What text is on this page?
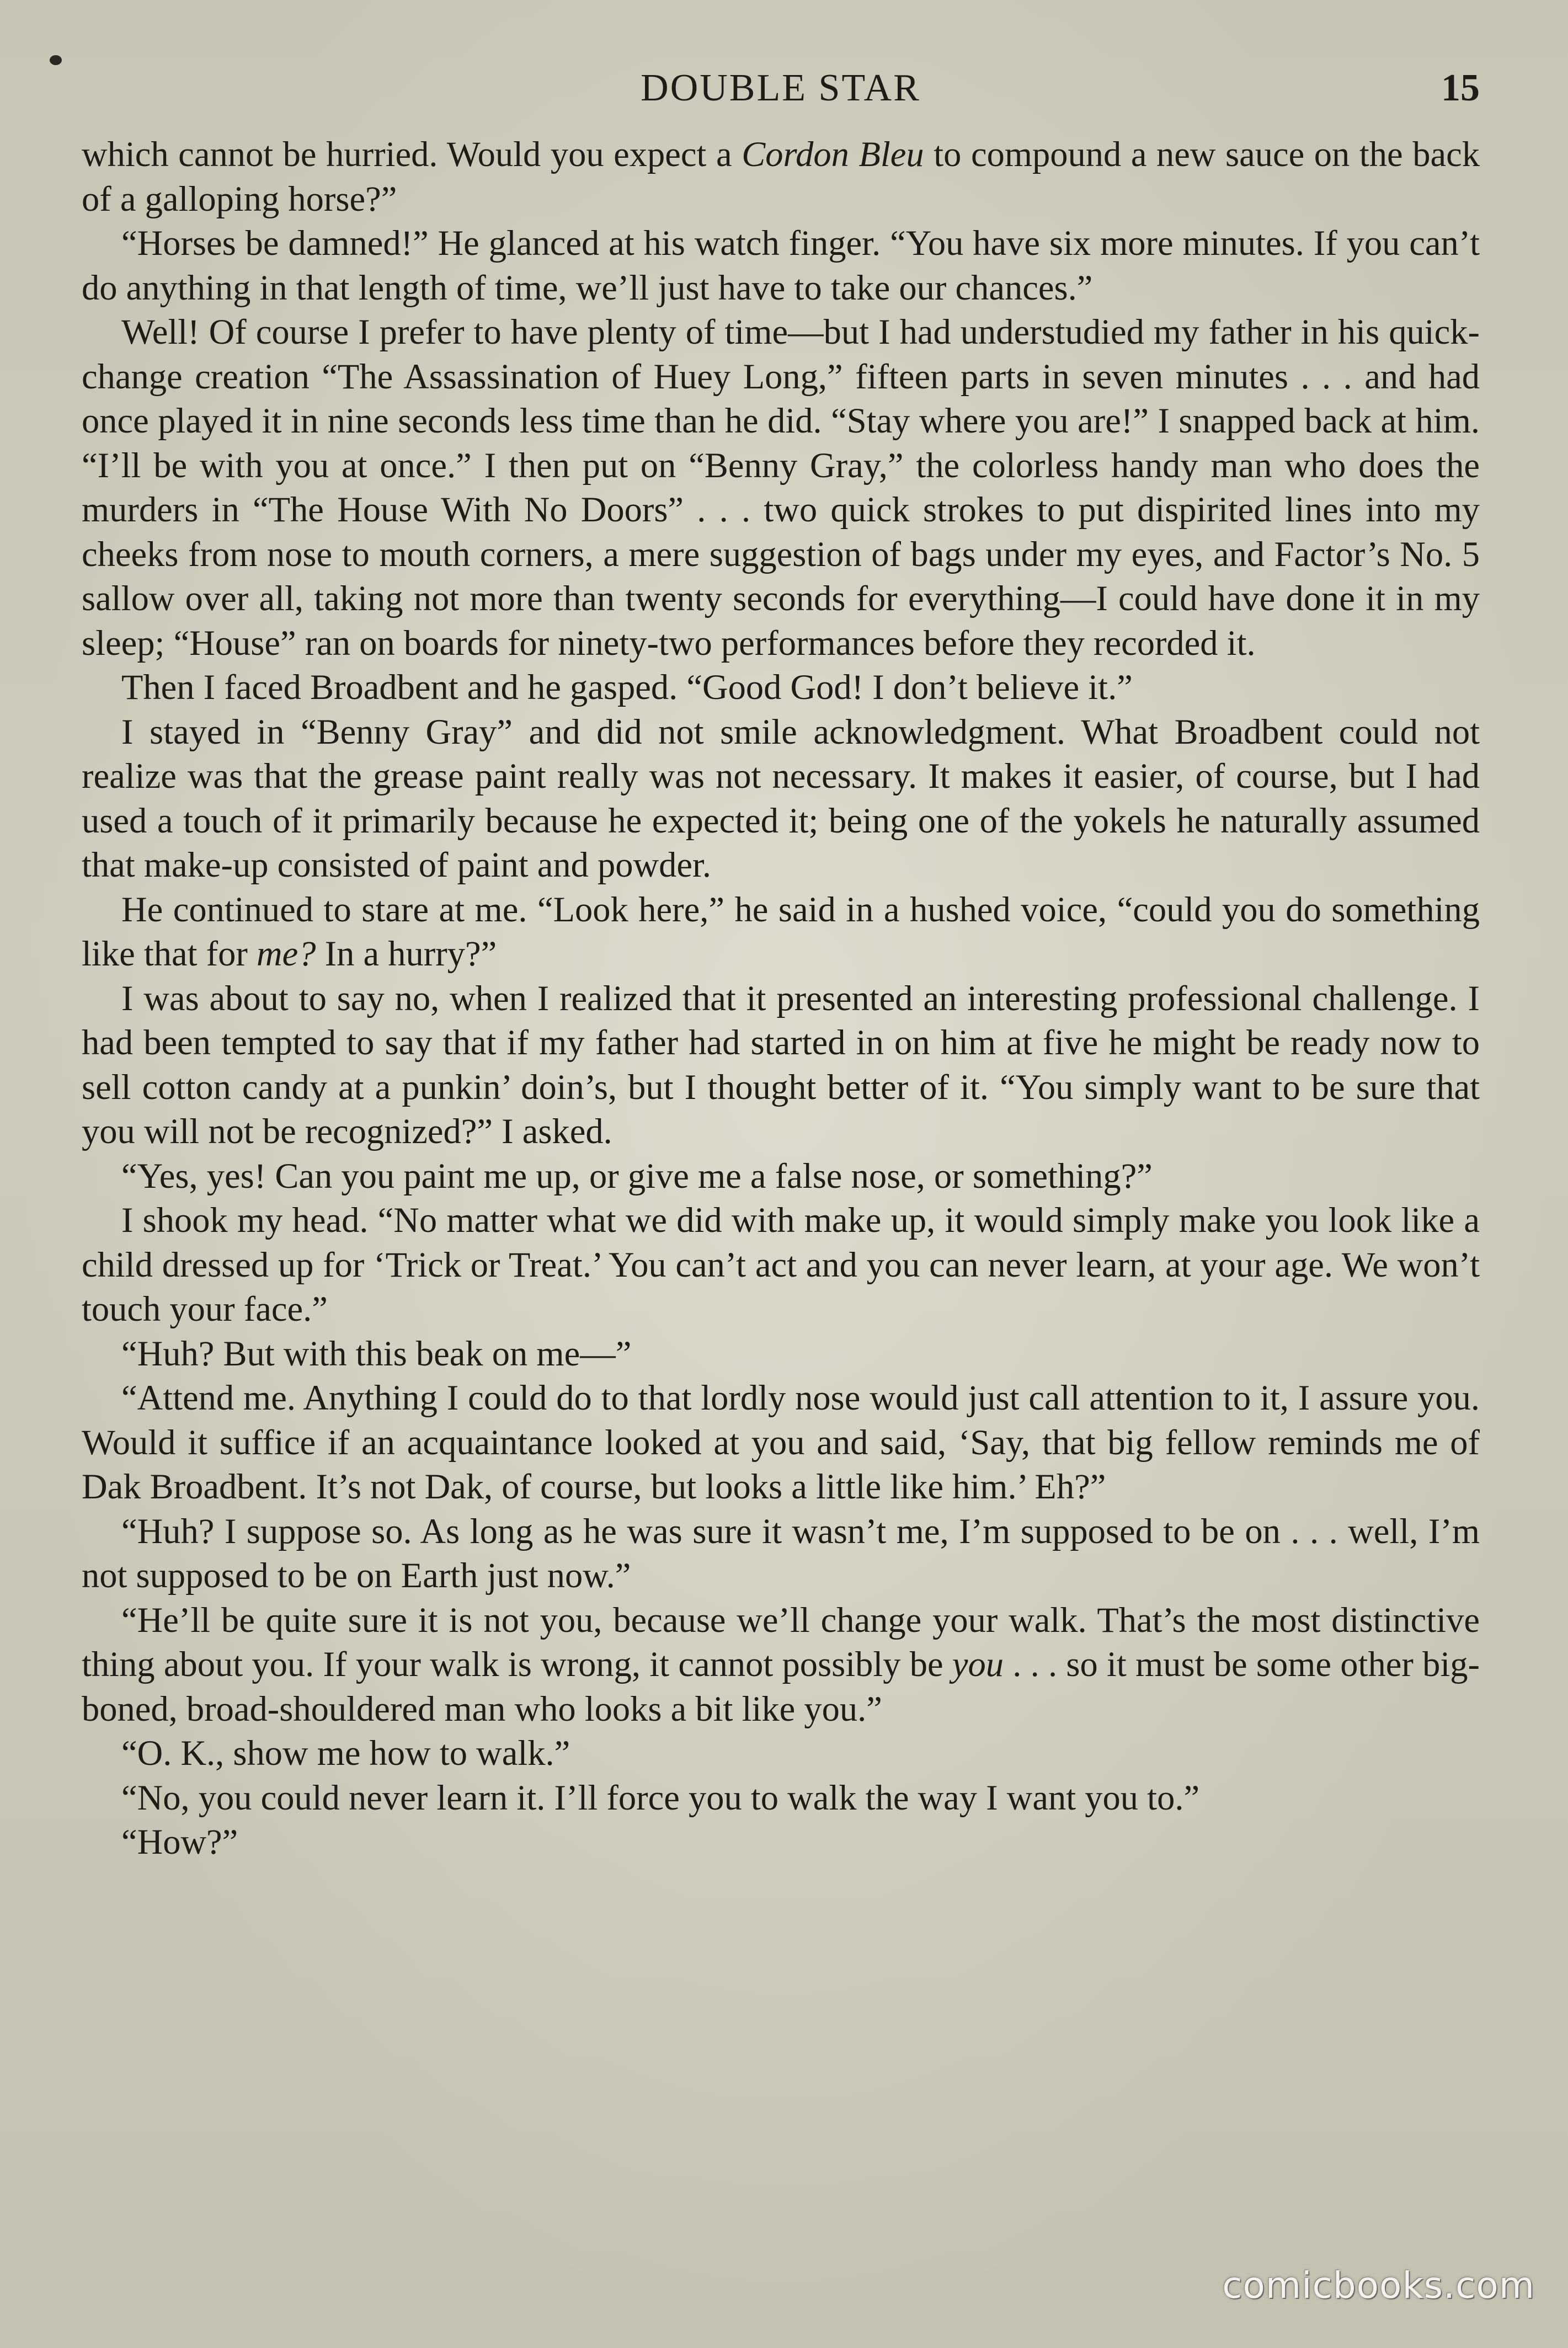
DOUBLE STAR	15

which cannot be hurried. Would you expect a Cordon Bleu to compound a new sauce on the back of a galloping horse?”

“Horses be damned!” He glanced at his watch finger. “You have six more minutes. If you can’t do anything in that length of time, we’ll just have to take our chances.”

Well! Of course I prefer to have plenty of time—but I had understudied my father in his quick-change creation “The Assassination of Huey Long,” fifteen parts in seven minutes . . . and had once played it in nine seconds less time than he did. “Stay where you are!” I snapped back at him. “I’ll be with you at once.” I then put on “Benny Gray,” the colorless handy man who does the murders in “The House With No Doors” . . . two quick strokes to put dispirited lines into my cheeks from nose to mouth corners, a mere suggestion of bags under my eyes, and Factor’s No. 5 sallow over all, taking not more than twenty seconds for everything—I could have done it in my sleep; “House” ran on boards for ninety-two performances before they recorded it.

Then I faced Broadbent and he gasped. “Good God! I don’t believe it.”

I stayed in “Benny Gray” and did not smile acknowledgment. What Broadbent could not realize was that the grease paint really was not necessary. It makes it easier, of course, but I had used a touch of it primarily because he expected it; being one of the yokels he naturally assumed that make-up consisted of paint and powder.

He continued to stare at me. “Look here,” he said in a hushed voice, “could you do something like that for me? In a hurry?”

I was about to say no, when I realized that it presented an interesting professional challenge. I had been tempted to say that if my father had started in on him at five he might be ready now to sell cotton candy at a punkin’ doin’s, but I thought better of it. “You simply want to be sure that you will not be recognized?” I asked.

“Yes, yes! Can you paint me up, or give me a false nose, or something?”

I shook my head. “No matter what we did with make up, it would simply make you look like a child dressed up for ‘Trick or Treat.’ You can’t act and you can never learn, at your age. We won’t touch your face.”

“Huh? But with this beak on me—”

“Attend me. Anything I could do to that lordly nose would just call attention to it, I assure you. Would it suffice if an acquaintance looked at you and said, ‘Say, that big fellow reminds me of Dak Broadbent. It’s not Dak, of course, but looks a little like him.’ Eh?”

“Huh? I suppose so. As long as he was sure it wasn’t me, I’m supposed to be on . . . well, I’m not supposed to be on Earth just now.”

“He’ll be quite sure it is not you, because we’ll change your walk. That’s the most distinctive thing about you. If your walk is wrong, it cannot possibly be you . . . so it must be some other big-boned, broad-shouldered man who looks a bit like you.”

“O. K., show me how to walk.”

“No, you could never learn it. I’ll force you to walk the way I want you to.”

“How?”

comicbooks.com
